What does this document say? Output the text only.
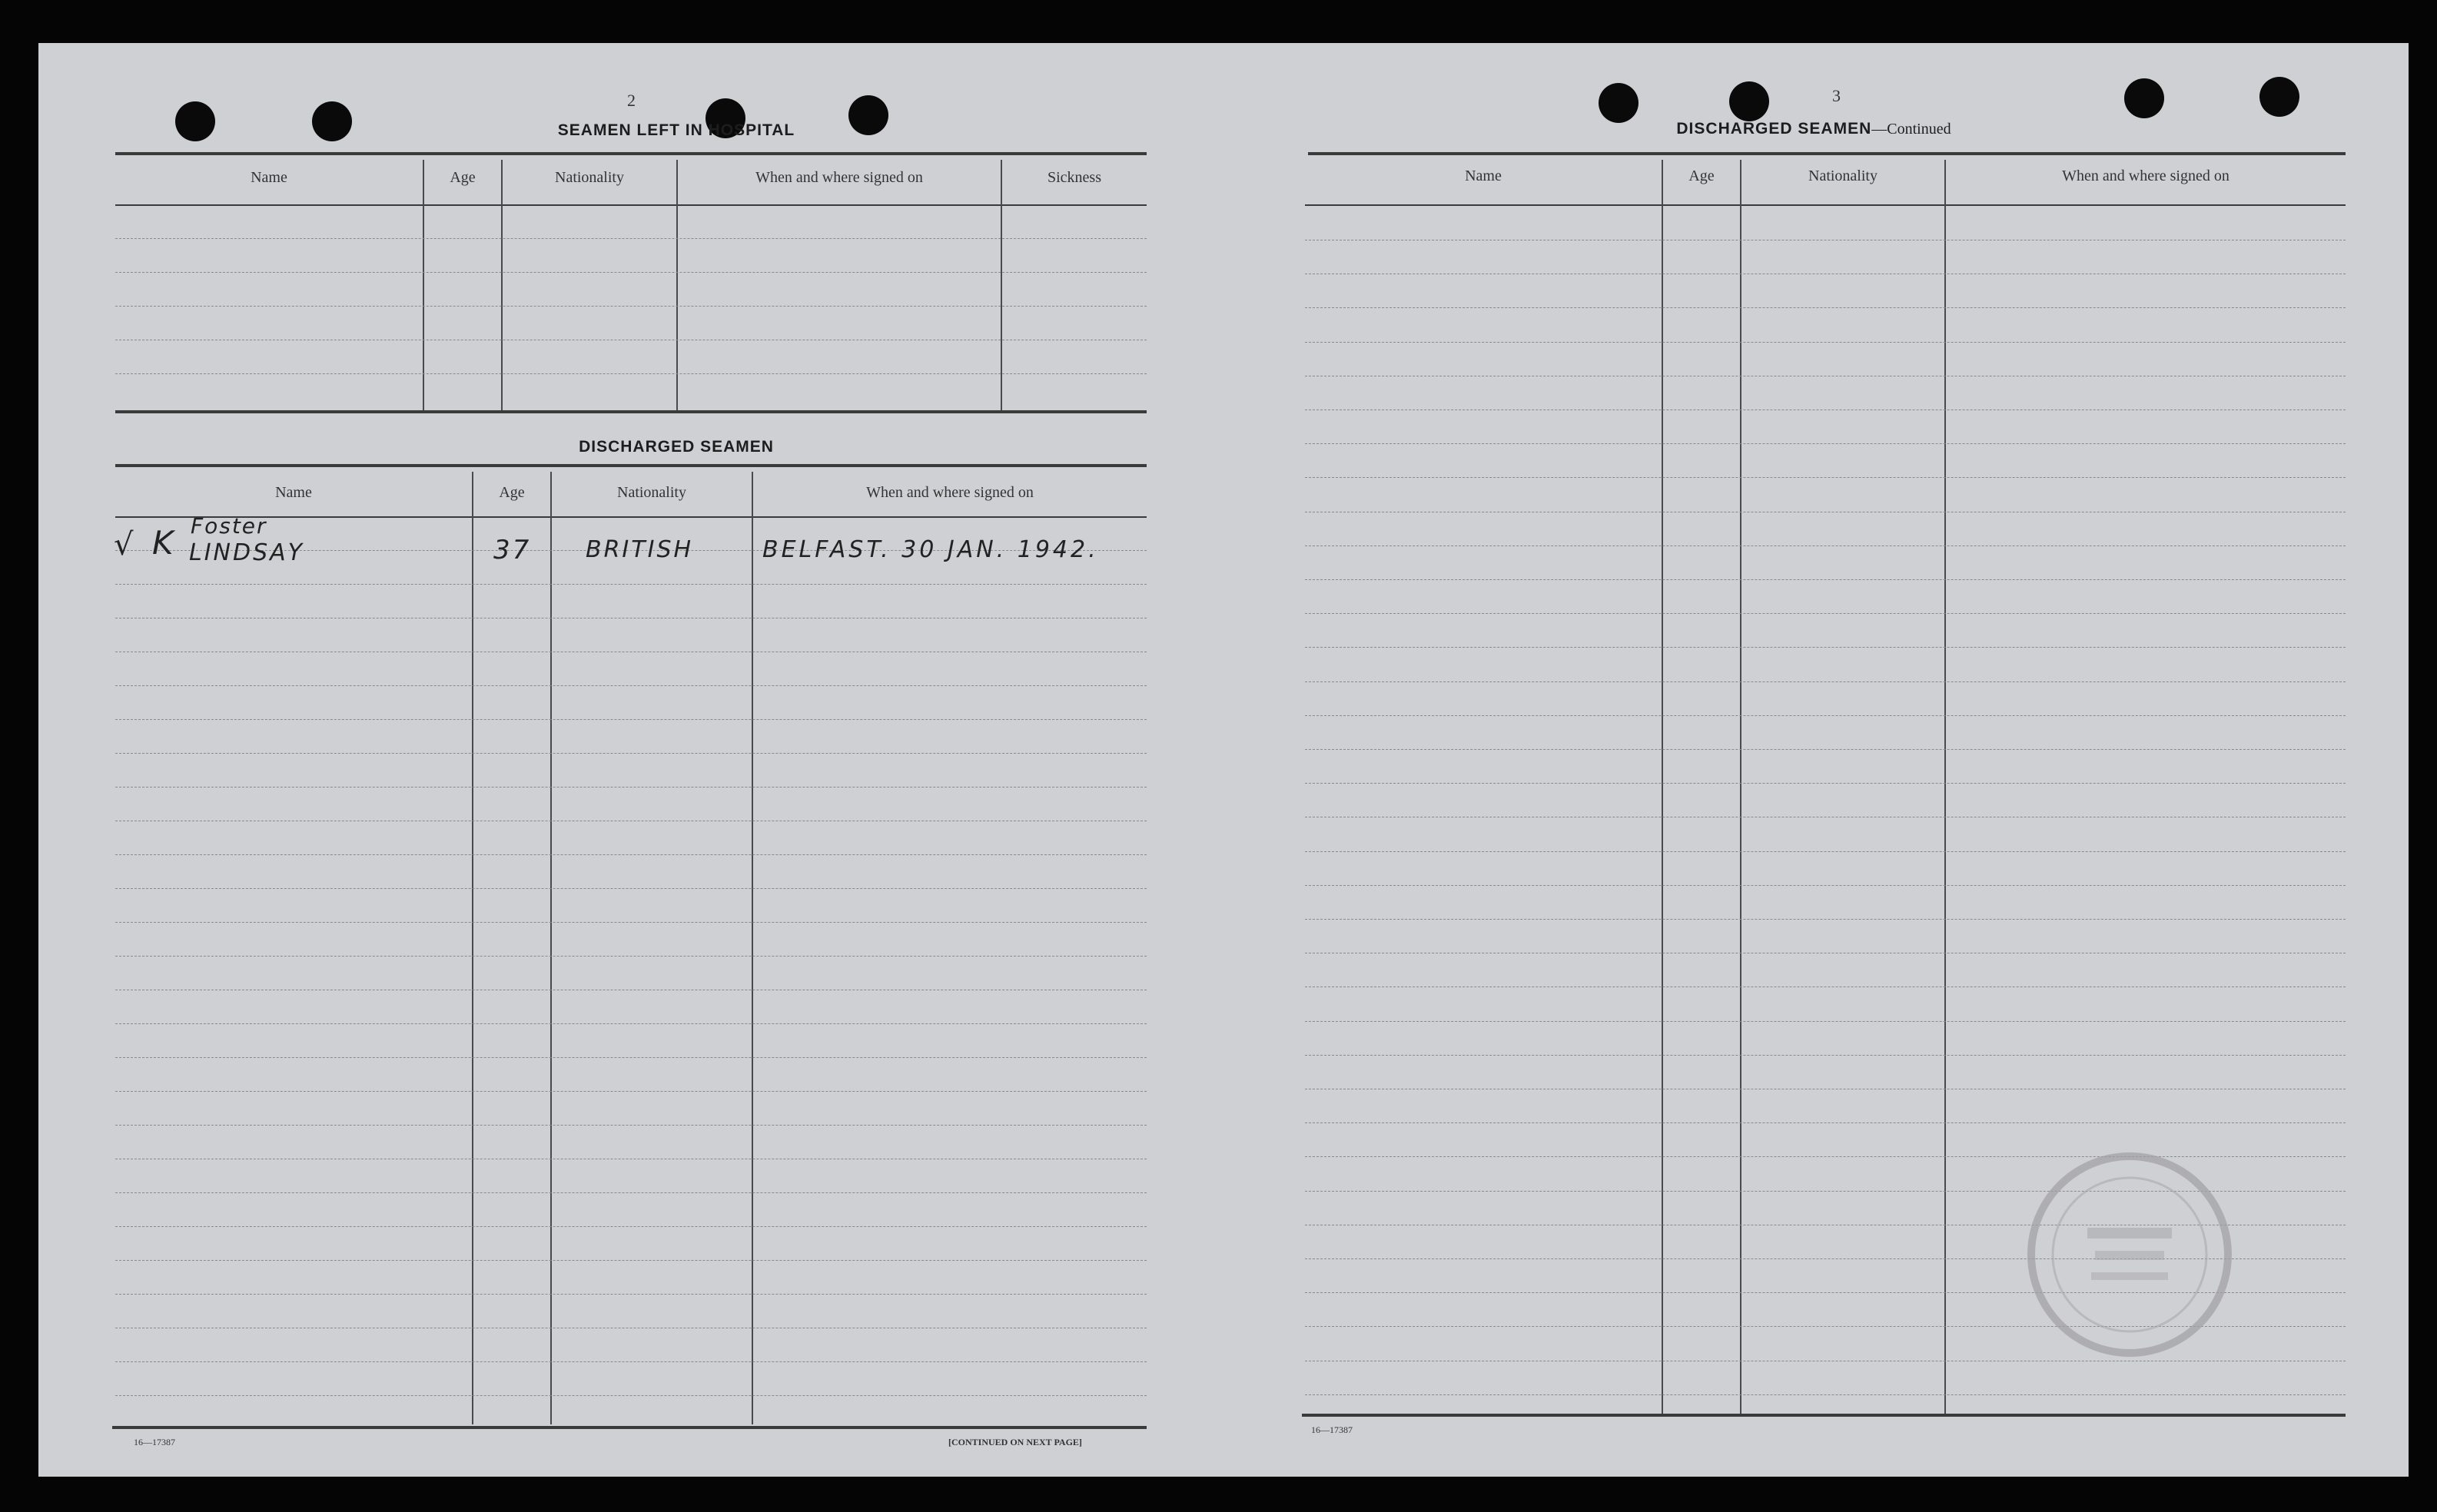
2
SEAMEN LEFT IN HOSPITAL
Name	Age	Nationality	When and where signed on	Sickness
DISCHARGED SEAMEN
Name	Age	Nationality	When and where signed on
√ K Foster
LINDSAY	37 BRITISH	BELFAST. 30 JAN. 1942.
16—17387	[CONTINUED ON NEXT PAGE]
3
DISCHARGED SEAMEN—Continued
Name	Age	Nationality	When and where signed on
16—17387
